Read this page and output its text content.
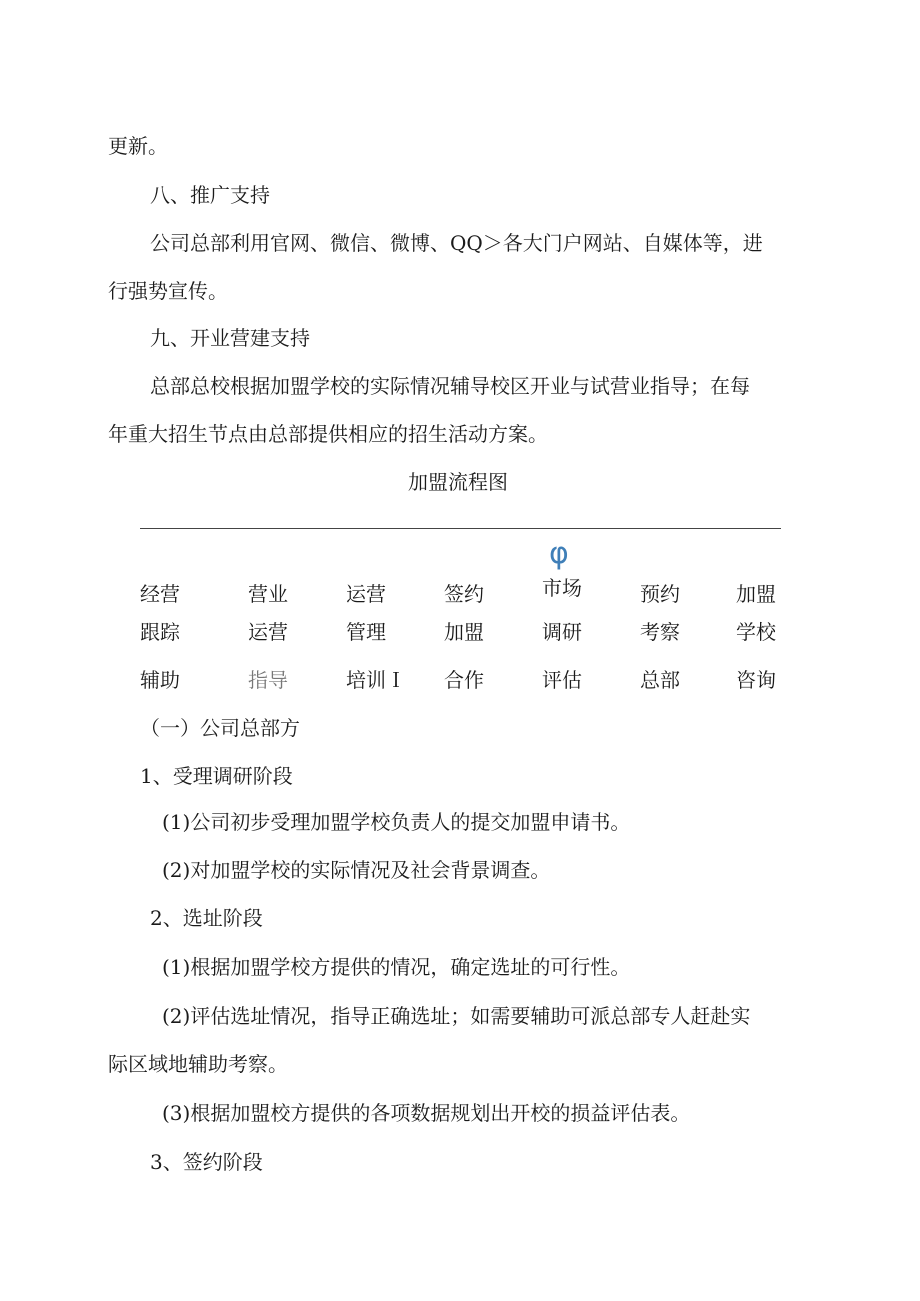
更新。
八、推广支持
公司总部利用官网、微信、微博、QQ＞各大门户网站、自媒体等，进
行强势宣传。
九、开业营建支持
总部总校根据加盟学校的实际情况辅导校区开业与试营业指导；在每
年重大招生节点由总部提供相应的招生活动方案。
加盟流程图
φ
经营
跟踪
辅助
营业
运营
指导
运营
管理
培训Ｉ
签约
加盟
合作
市场
调研
评估
预约
考察
总部
加盟
学校
咨询
（一）公司总部方
1、受理调研阶段
(1)公司初步受理加盟学校负责人的提交加盟申请书。
(2)对加盟学校的实际情况及社会背景调查。
2、选址阶段
(1)根据加盟学校方提供的情况，确定选址的可行性。
(2)评估选址情况，指导正确选址；如需要辅助可派总部专人赶赴实
际区域地辅助考察。
(3)根据加盟校方提供的各项数据规划出开校的损益评估表。
3、签约阶段
